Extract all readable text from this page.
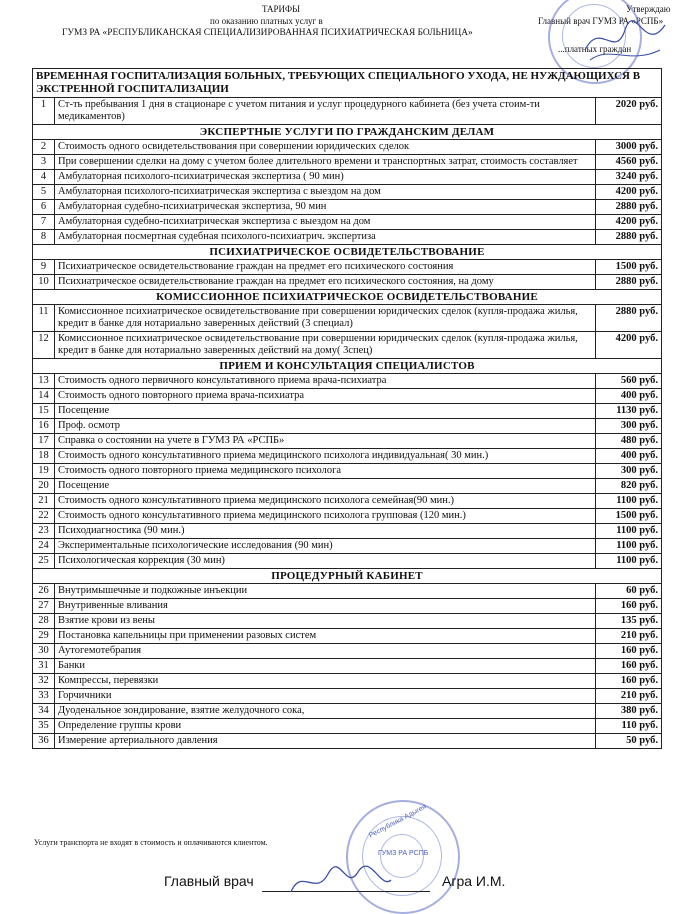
ТАРИФЫ
по оказанию платных услуг в
ГУМЗ РА «РЕСПУБЛИКАНСКАЯ СПЕЦИАЛИЗИРОВАННАЯ ПСИХИАТРИЧЕСКАЯ БОЛЬНИЦА»
Утверждаю
Главный врач ГУМЗ РА «РСПБ»
...платных граждан
ВРЕМЕННАЯ ГОСПИТАЛИЗАЦИЯ БОЛЬНЫХ, ТРЕБУЮЩИХ СПЕЦИАЛЬНОГО УХОДА, НЕ НУЖДАЮЩИХСЯ В ЭКСТРЕННОЙ ГОСПИТАЛИЗАЦИИ		
1	Ст-ть пребывания 1 дня в стационаре с учетом питания и услуг процедурного кабинета (без учета стоим-ти медикаментов)	2020 руб.
ЭКСПЕРТНЫЕ УСЛУГИ ПО ГРАЖДАНСКИМ ДЕЛАМ		
2	Стоимость одного освидетельствования при совершении юридических сделок	3000 руб.
3	При совершении сделки на дому с учетом более длительного времени и транспортных затрат, стоимость составляет	4560 руб.
4	Амбулаторная психолого-психиатрическая экспертиза ( 90 мин)	3240 руб.
5	Амбулаторная психолого-психиатрическая экспертиза с выездом на дом	4200 руб.
6	Амбулаторная судебно-психиатрическая экспертиза, 90 мин	2880 руб.
7	Амбулаторная судебно-психиатрическая экспертиза с выездом на дом	4200 руб.
8	Амбулаторная посмертная судебная психолого-психиатрич. экспертиза	2880 руб.
ПСИХИАТРИЧЕСКОЕ ОСВИДЕТЕЛЬСТВОВАНИЕ		
9	Психиатрическое освидетельствование граждан на предмет его психического состояния	1500 руб.
10	Психиатрическое освидетельствование граждан на предмет его психического состояния, на дому	2880 руб.
КОМИССИОННОЕ ПСИХИАТРИЧЕСКОЕ ОСВИДЕТЕЛЬСТВОВАНИЕ		
11	Комиссионное психиатрическое освидетельствование при совершении юридических сделок (купля-продажа жилья, кредит в банке для нотариально заверенных действий (3 специал)	2880 руб.
12	Комиссионное психиатрическое освидетельствование при совершении юридических сделок (купля-продажа жилья, кредит в банке для нотариально заверенных действий на дому( 3спец)	4200 руб.
ПРИЕМ И КОНСУЛЬТАЦИЯ СПЕЦИАЛИСТОВ		
13	Стоимость одного первичного консультативного приема врача-психиатра	560 руб.
14	Стоимость одного повторного приема врача-психиатра	400 руб.
15	Посещение	1130 руб.
16	Проф. осмотр	300 руб.
17	Справка о состоянии на учете в ГУМЗ РА «РСПБ»	480 руб.
18	Стоимость одного консультативного приема медицинского психолога индивидуальная( 30 мин.)	400 руб.
19	Стоимость одного повторного приема медицинского психолога	300 руб.
20	Посещение	820 руб.
21	Стоимость одного консультативного приема медицинского психолога семейная(90 мин.)	1100 руб.
22	Стоимость одного консультативного приема медицинского психолога групповая (120 мин.)	1500 руб.
23	Психодиагностика (90 мин.)	1100 руб.
24	Экспериментальные психологические исследования (90 мин)	1100 руб.
25	Психологическая коррекция (30 мин)	1100 руб.
ПРОЦЕДУРНЫЙ КАБИНЕТ		
26	Внутримышечные и подкожные инъекции	60 руб.
27	Внутривенные вливания	160 руб.
28	Взятие крови из вены	135 руб.
29	Постановка капельницы при применении разовых систем	210 руб.
30	Аутогемотебрапия	160 руб.
31	Банки	160 руб.
32	Компрессы, перевязки	160 руб.
33	Горчичники	210 руб.
34	Дуоденальное зондирование, взятие желудочного сока,	380 руб.
35	Определение группы крови	110 руб.
36	Измерение артериального давления	50 руб.
Республика Адыгея
ГУМЗ РА РСПБ
Услуги транспорта не входят в стоимость и оплачиваются клиентом.
Главный врач	Агра И.М.
